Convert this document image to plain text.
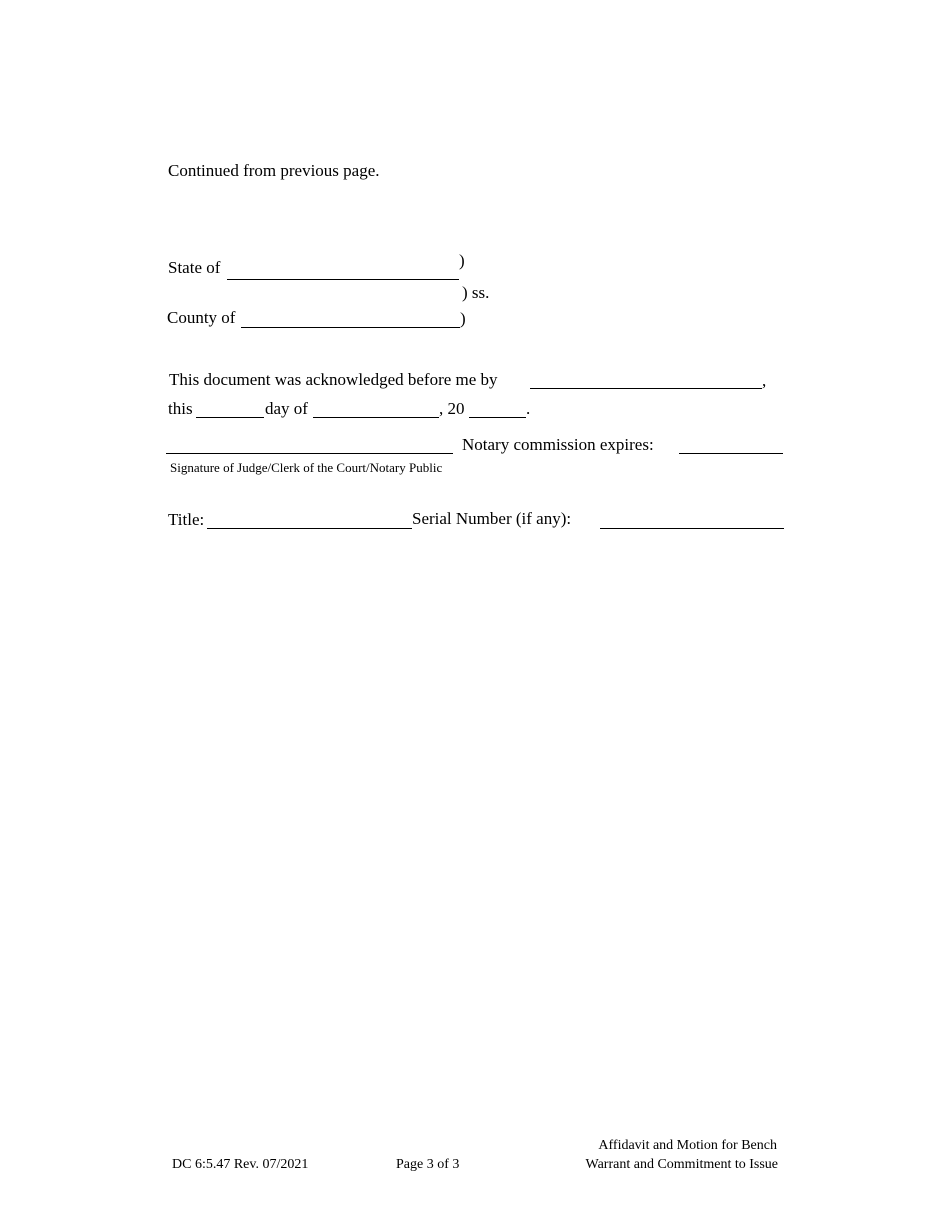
Continued from previous page.
State of	)
) ss.
County of	)
This document was acknowledged before me by	,
this	day of	, 20	.
Notary commission expires:
Signature of Judge/Clerk of the Court/Notary Public
Title:	Serial Number (if any):
DC 6:5.47 Rev. 07/2021	Page 3 of 3
Affidavit and Motion for Bench
Warrant and Commitment to Issue
